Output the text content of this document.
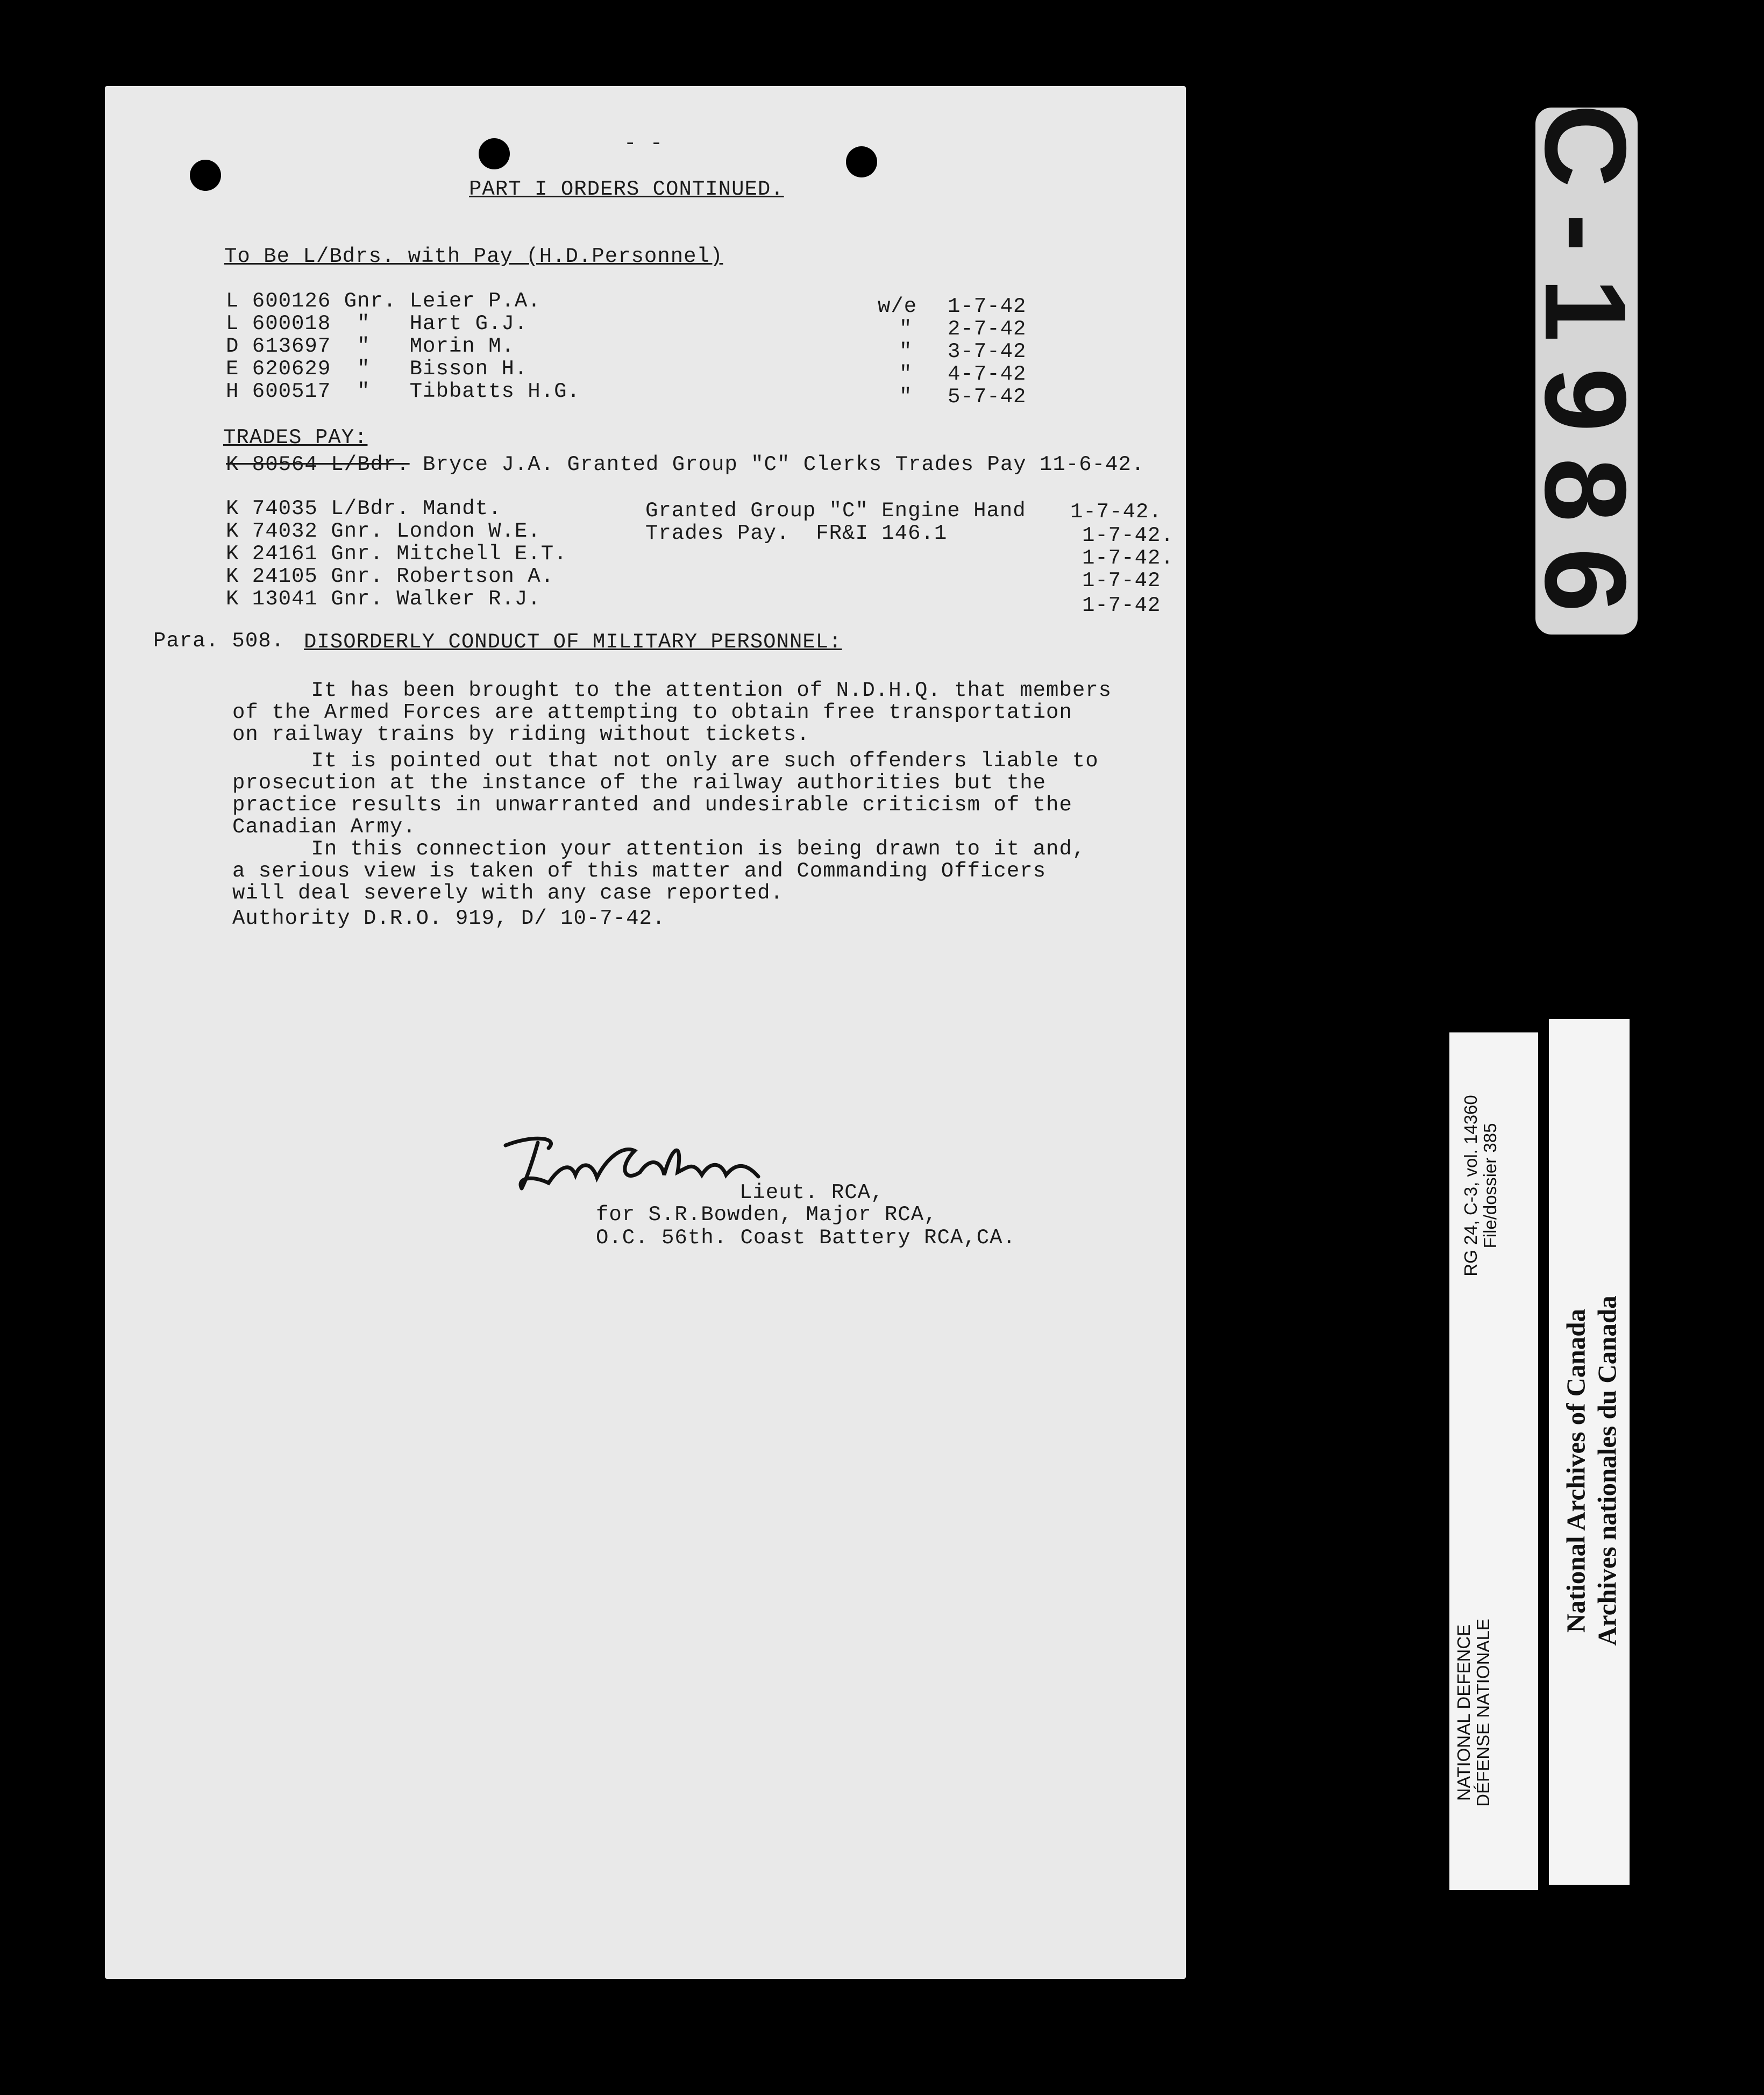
- -
PART I ORDERS CONTINUED.
To Be L/Bdrs. with Pay (H.D.Personnel)
L 600126 Gnr. Leier P.A.	w/e 1-7-42
L 600018  "   Hart G.J.	" 2-7-42
D 613697  "   Morin M.	" 3-7-42
E 620629  "   Bisson H.	" 4-7-42
H 600517  "   Tibbatts H.G.	" 5-7-42
TRADES PAY:
K 80564 L/Bdr. Bryce J.A. Granted Group "C" Clerks Trades Pay 11-6-42.
K 74035 L/Bdr. Mandt.	Granted Group "C" Engine Hand 1-7-42.
K 74032 Gnr. London W.E.	Trades Pay.  FR&I 146.1	1-7-42.
K 24161 Gnr. Mitchell E.T.	1-7-42.
K 24105 Gnr. Robertson A.	1-7-42
K 13041 Gnr. Walker R.J.	1-7-42
Para. 508. DISORDERLY CONDUCT OF MILITARY PERSONNEL:
It has been brought to the attention of N.D.H.Q. that members
of the Armed Forces are attempting to obtain free transportation
on railway trains by riding without tickets.
It is pointed out that not only are such offenders liable to
prosecution at the instance of the railway authorities but the
practice results in unwarranted and undesirable criticism of the
Canadian Army.
In this connection your attention is being drawn to it and,
a serious view is taken of this matter and Commanding Officers
will deal severely with any case reported.
Authority D.R.O. 919, D/ 10-7-42.
Lieut. RCA,
for S.R.Bowden, Major RCA,
O.C. 56th. Coast Battery RCA,CA.
C-1986
NATIONAL DEFENCE DÉFENSE NATIONALE
RG 24, C-3, vol. 14360 File/dossier 385
National Archives of Canada Archives nationales du Canada
